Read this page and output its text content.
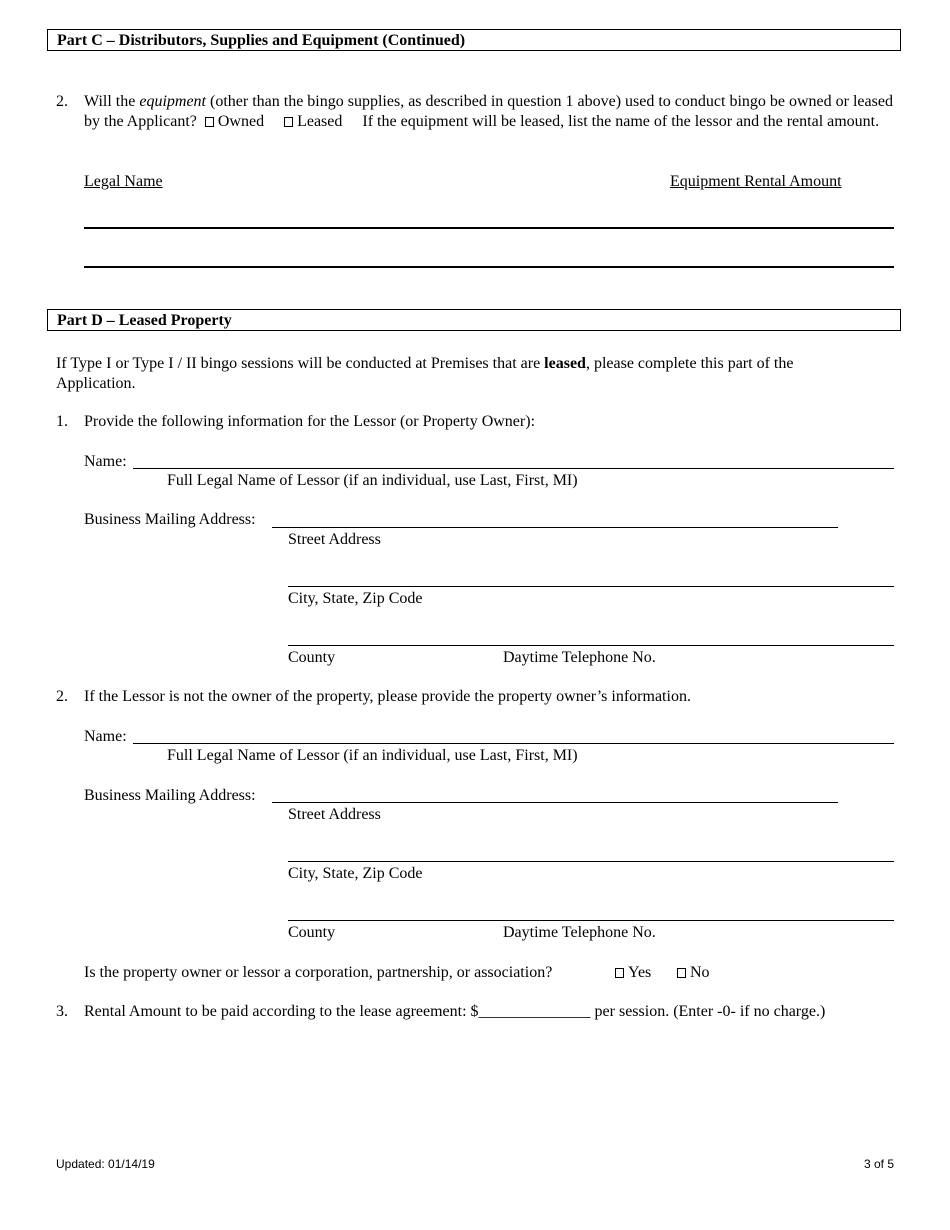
Part C – Distributors, Supplies and Equipment (Continued)
2. Will the equipment (other than the bingo supplies, as described in question 1 above) used to conduct bingo be owned or leased by the Applicant? Owned Leased If the equipment will be leased, list the name of the lessor and the rental amount.
Legal Name	Equipment Rental Amount
Part D – Leased Property
If Type I or Type I / II bingo sessions will be conducted at Premises that are leased, please complete this part of the Application.
1. Provide the following information for the Lessor (or Property Owner):
Name:
Full Legal Name of Lessor (if an individual, use Last, First, MI)
Business Mailing Address:
Street Address
City, State, Zip Code
County	Daytime Telephone No.
2. If the Lessor is not the owner of the property, please provide the property owner’s information.
Name:
Full Legal Name of Lessor (if an individual, use Last, First, MI)
Business Mailing Address:
Street Address
City, State, Zip Code
County	Daytime Telephone No.
Is the property owner or lessor a corporation, partnership, or association?	Yes	No
3. Rental Amount to be paid according to the lease agreement: $______________ per session. (Enter -0- if no charge.)
Updated: 01/14/19	3 of 5
